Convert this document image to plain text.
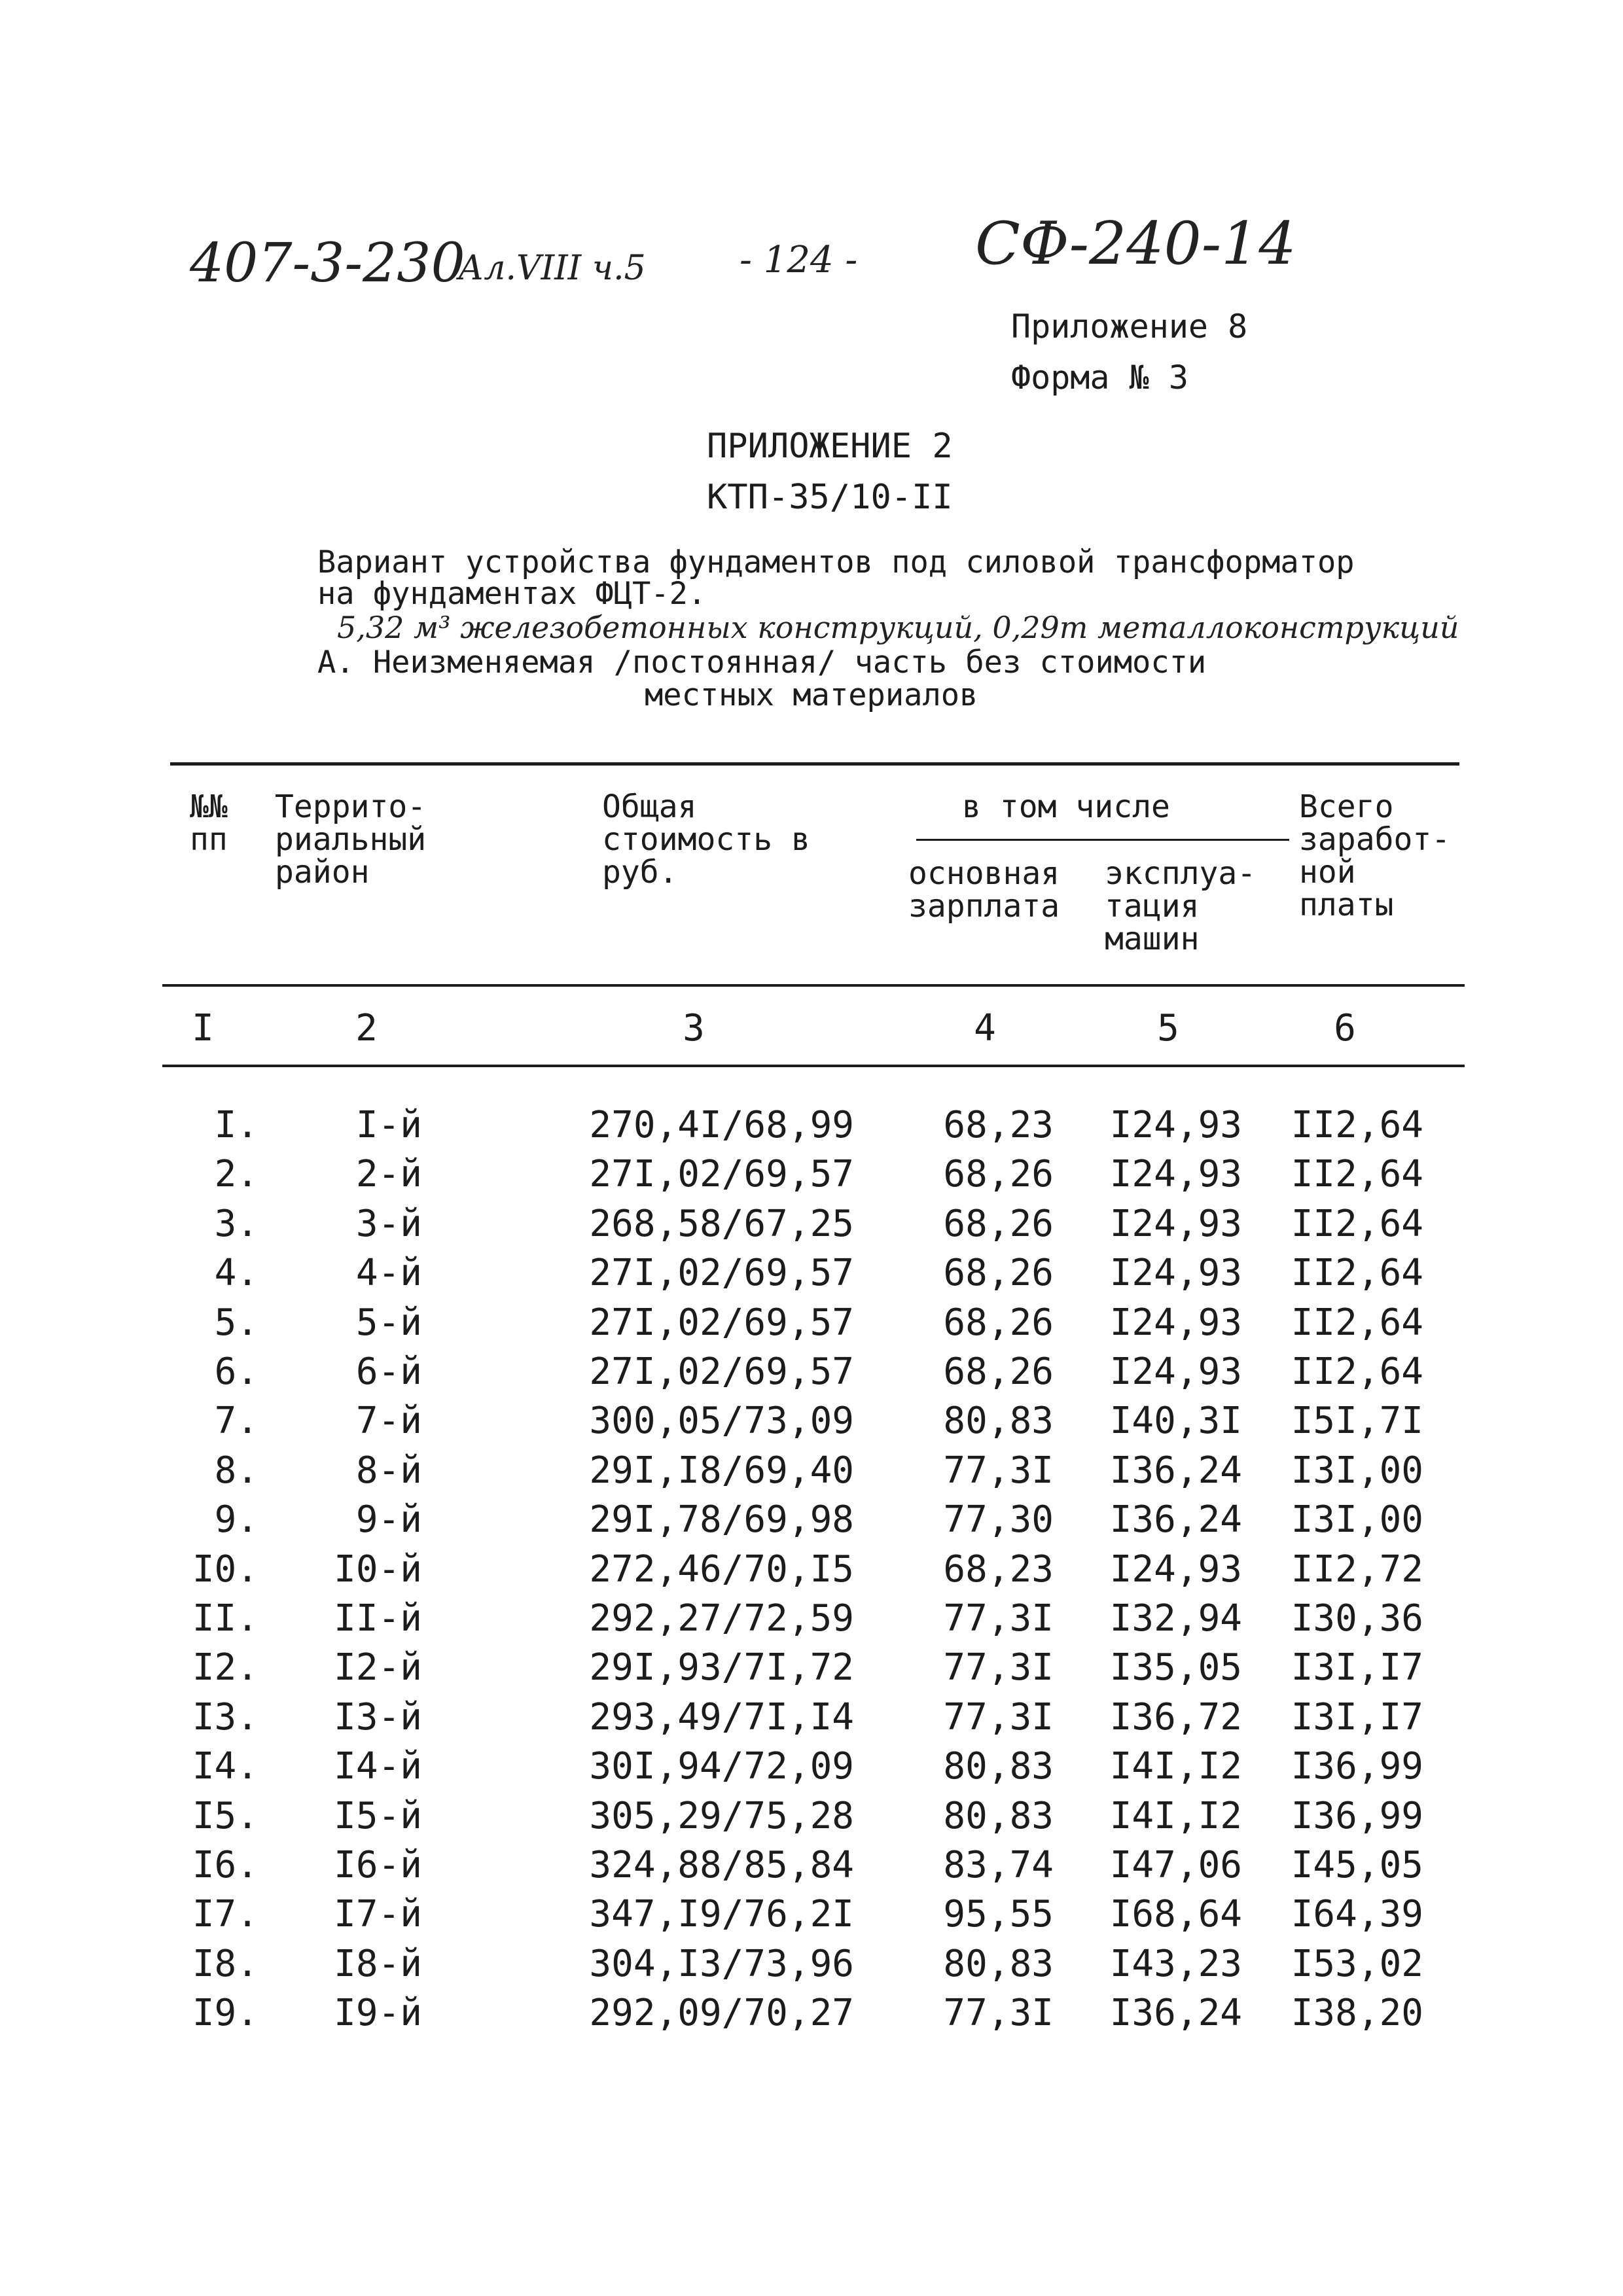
407-3-230
Ал.VIII ч.5	- 124 - СФ-240-14
Приложение 8
Форма № 3
ПРИЛОЖЕНИЕ 2
КТП-35/10-II
Вариант устройства фундаментов под силовой трансформатор
на фундаментах ФЦТ-2.
5,32 м³ железобетонных конструкций, 0,29т металлоконструкций
А. Неизменяемая /постоянная/ часть без стоимости
местных материалов
№№ пп
Террито- риальный район
Общая стоимость в руб.
в том числе
основная зарплата
эксплуа- тация машин
Всего заработ- ной платы
I	2	3	4	5	6
I.	I-й	270,4I/68,99	68,23	I24,93	II2,64
2.	2-й	27I,02/69,57	68,26	I24,93	II2,64
3.	3-й	268,58/67,25	68,26	I24,93	II2,64
4.	4-й	27I,02/69,57	68,26	I24,93	II2,64
5.	5-й	27I,02/69,57	68,26	I24,93	II2,64
6.	6-й	27I,02/69,57	68,26	I24,93	II2,64
7.	7-й	300,05/73,09	80,83	I40,3I	I5I,7I
8.	8-й	29I,I8/69,40	77,3I	I36,24	I3I,00
9.	9-й	29I,78/69,98	77,30	I36,24	I3I,00
I0.	I0-й	272,46/70,I5	68,23	I24,93	II2,72
II.	II-й	292,27/72,59	77,3I	I32,94	I30,36
I2.	I2-й	29I,93/7I,72	77,3I	I35,05	I3I,I7
I3.	I3-й	293,49/7I,I4	77,3I	I36,72	I3I,I7
I4.	I4-й	30I,94/72,09	80,83	I4I,I2	I36,99
I5.	I5-й	305,29/75,28	80,83	I4I,I2	I36,99
I6.	I6-й	324,88/85,84	83,74	I47,06	I45,05
I7.	I7-й	347,I9/76,2I	95,55	I68,64	I64,39
I8.	I8-й	304,I3/73,96	80,83	I43,23	I53,02
I9.	I9-й	292,09/70,27	77,3I	I36,24	I38,20
